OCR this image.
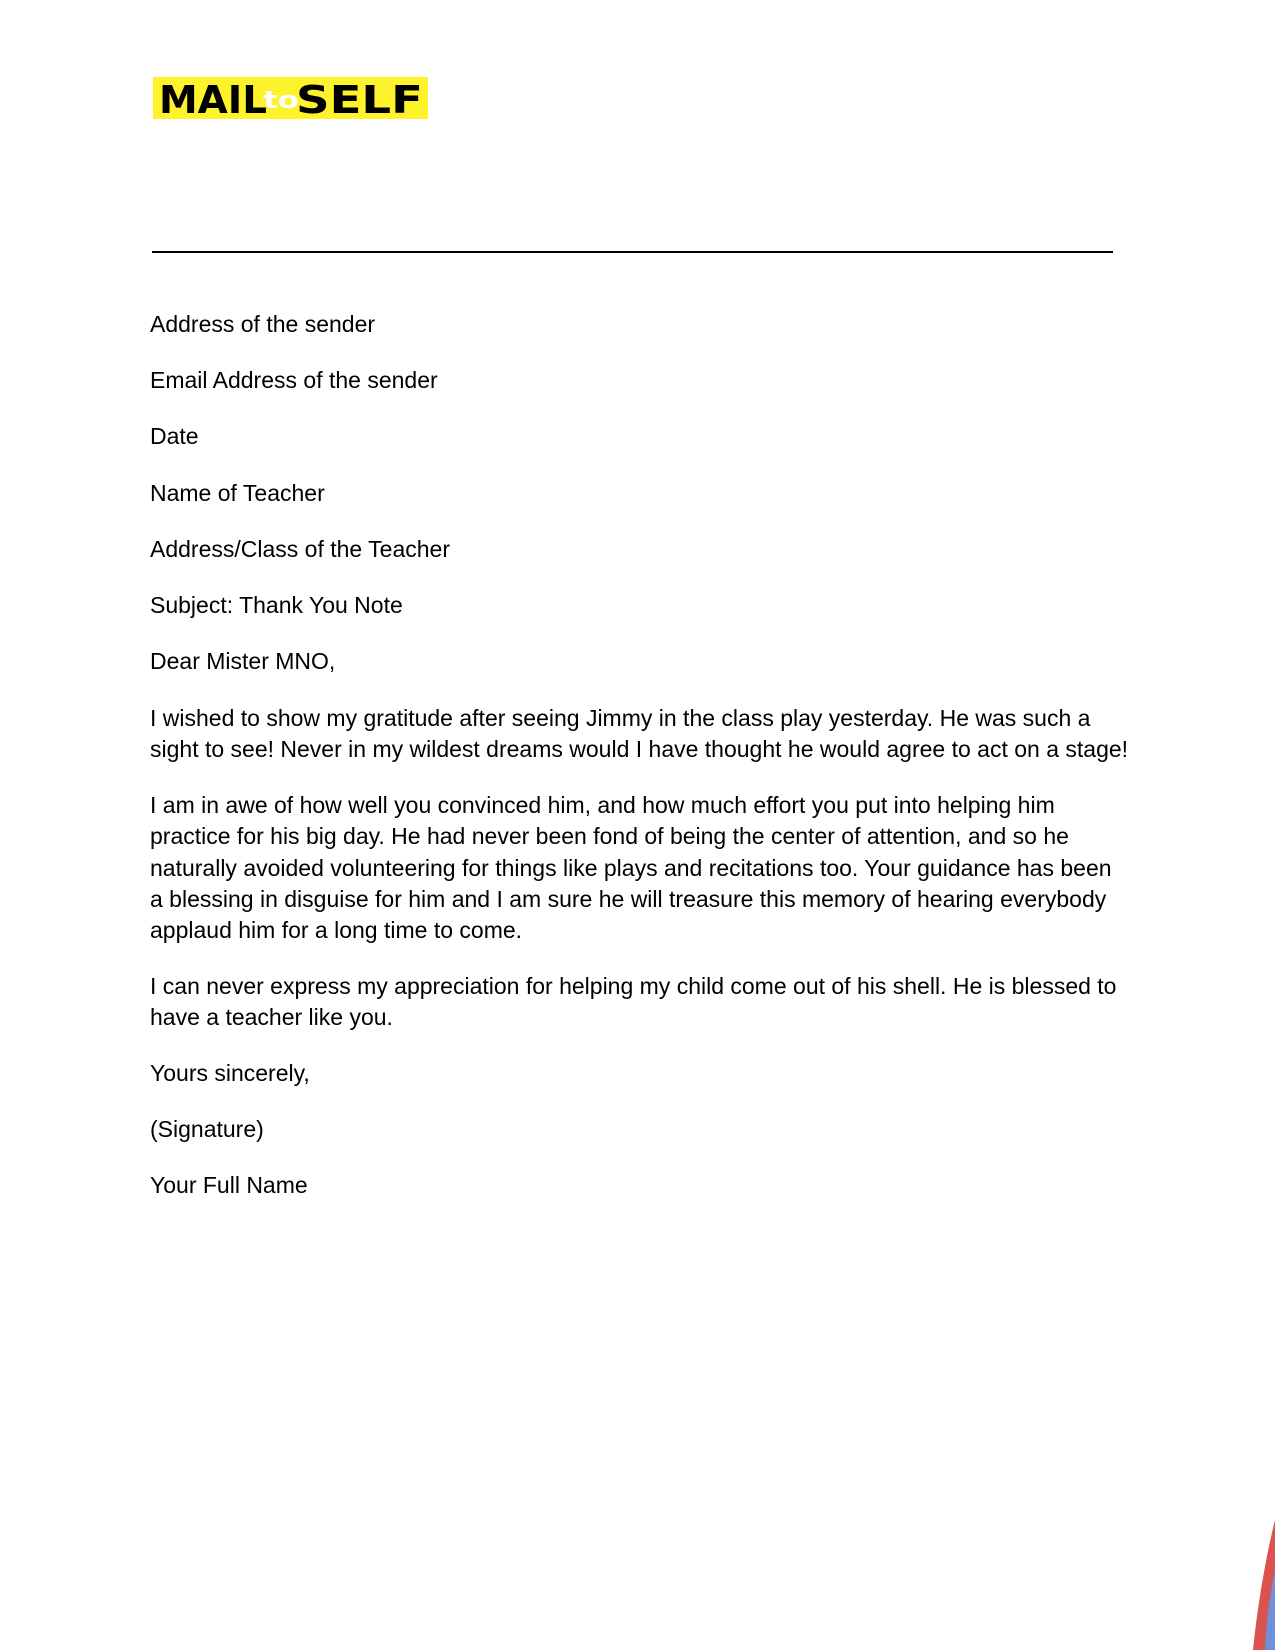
MAIL
to
SELF

Address of the sender

Email Address of the sender

Date

Name of Teacher

Address/Class of the Teacher

Subject: Thank You Note

Dear Mister MNO,

I wished to show my gratitude after seeing Jimmy in the class play yesterday. He was such a
sight to see! Never in my wildest dreams would I have thought he would agree to act on a stage!

I am in awe of how well you convinced him, and how much effort you put into helping him
practice for his big day. He had never been fond of being the center of attention, and so he
naturally avoided volunteering for things like plays and recitations too. Your guidance has been
a blessing in disguise for him and I am sure he will treasure this memory of hearing everybody
applaud him for a long time to come.

I can never express my appreciation for helping my child come out of his shell. He is blessed to
have a teacher like you.

Yours sincerely,

(Signature)

Your Full Name
